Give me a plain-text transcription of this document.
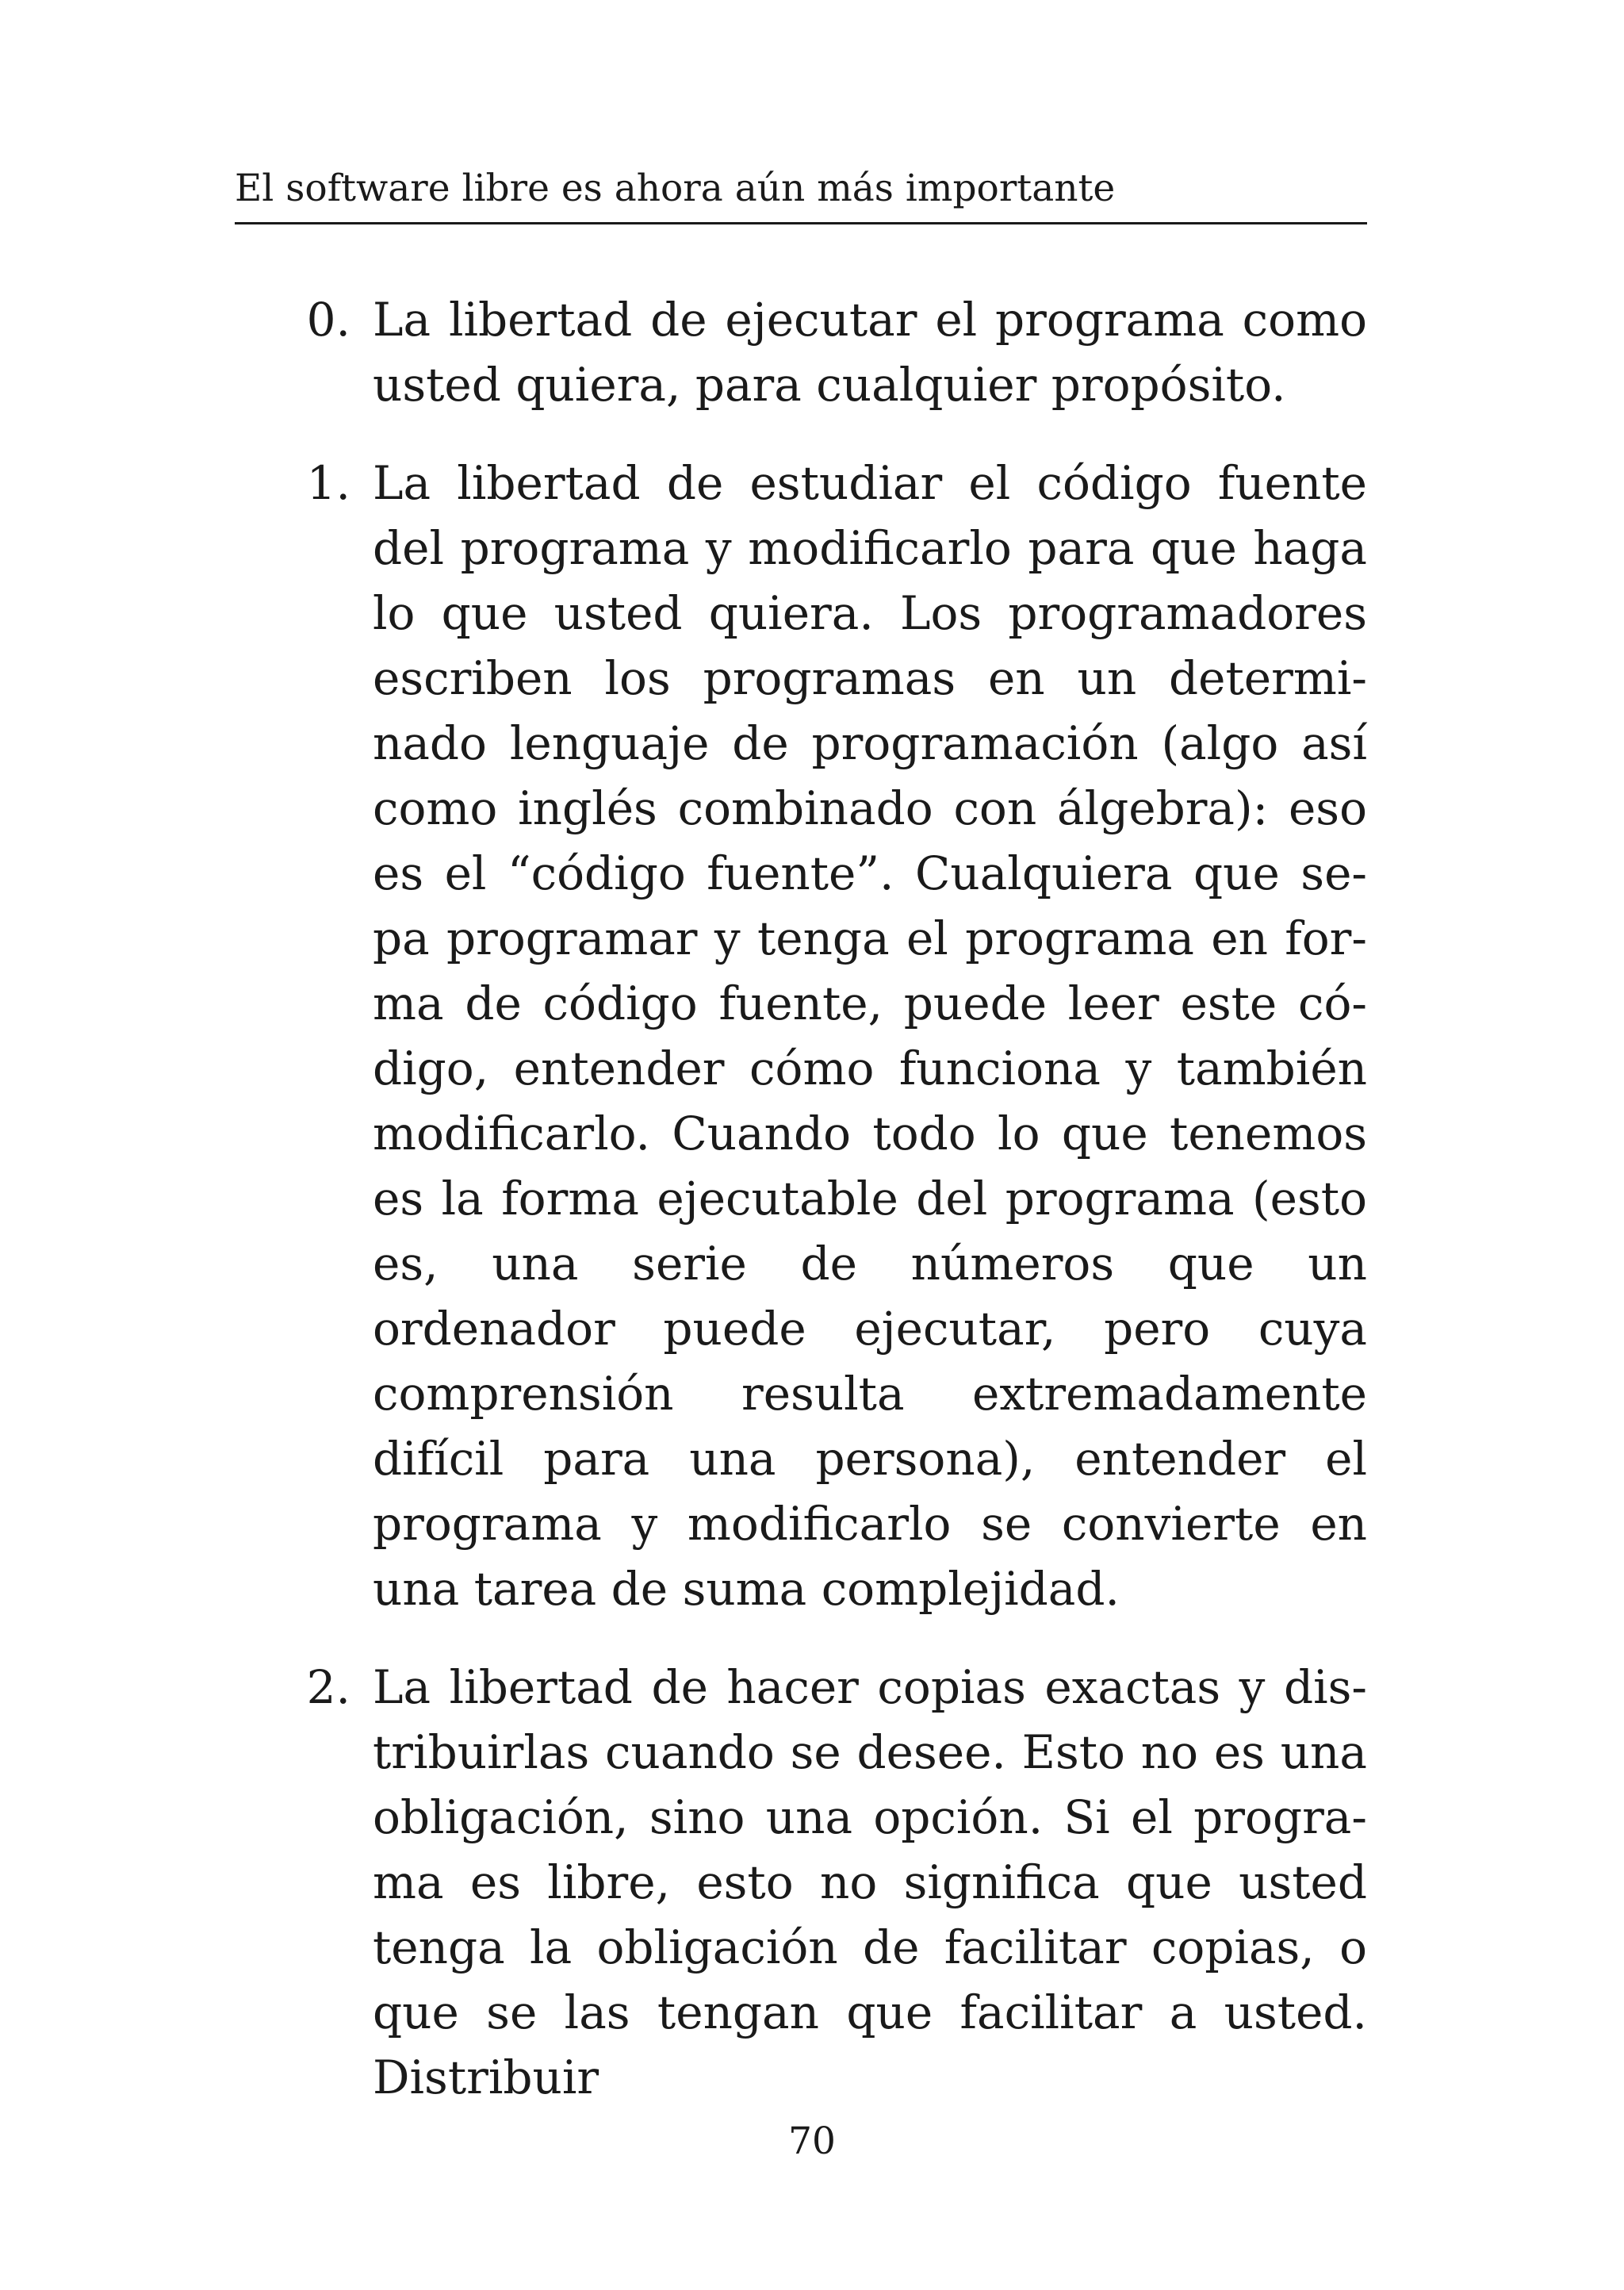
El software libre es ahora aún más importante
0. La libertad de ejecutar el programa como usted quiera, para cualquier propósito.
1. La libertad de estudiar el código fuente del programa y modificarlo para que haga lo que usted quiera. Los programadores escriben los programas en un determinado lenguaje de programación (algo así como inglés combinado con álgebra): eso es el “código fuente”. Cualquiera que sepa programar y tenga el programa en forma de código fuente, puede leer este código, entender cómo funciona y también modificarlo. Cuando todo lo que tenemos es la forma ejecutable del programa (esto es, una serie de números que un ordenador puede ejecutar, pero cuya comprensión resulta extremadamente difícil para una persona), entender el programa y modificarlo se convierte en una tarea de suma complejidad.
2. La libertad de hacer copias exactas y distribuirlas cuando se desee. Esto no es una obligación, sino una opción. Si el programa es libre, esto no significa que usted tenga la obligación de facilitar copias, o que se las tengan que facilitar a usted. Distribuir
70
